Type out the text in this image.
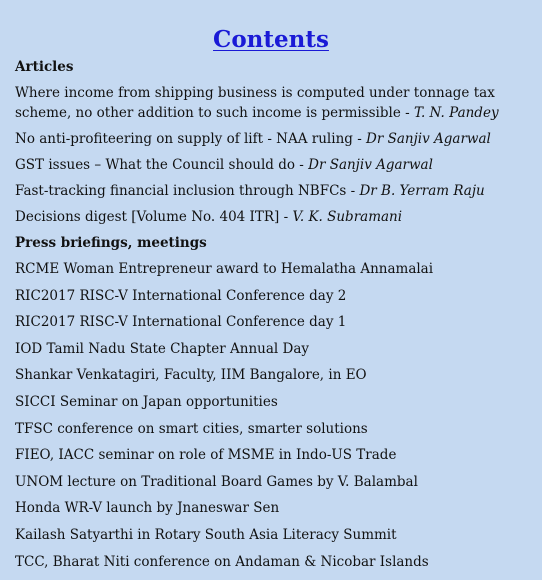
Contents
Articles
Where income from shipping business is computed under tonnage tax scheme, no other addition to such income is permissible - T. N. Pandey
No anti-profiteering on supply of lift - NAA ruling - Dr Sanjiv Agarwal
GST issues – What the Council should do - Dr Sanjiv Agarwal
Fast-tracking financial inclusion through NBFCs - Dr B. Yerram Raju
Decisions digest [Volume No. 404 ITR] - V. K. Subramani
Press briefings, meetings
RCME Woman Entrepreneur award to Hemalatha Annamalai
RIC2017 RISC-V International Conference day 2
RIC2017 RISC-V International Conference day 1
IOD Tamil Nadu State Chapter Annual Day
Shankar Venkatagiri, Faculty, IIM Bangalore, in EO
SICCI Seminar on Japan opportunities
TFSC conference on smart cities, smarter solutions
FIEO, IACC seminar on role of MSME in Indo-US Trade
UNOM lecture on Traditional Board Games by V. Balambal
Honda WR-V launch by Jnaneswar Sen
Kailash Satyarthi in Rotary South Asia Literacy Summit
TCC, Bharat Niti conference on Andaman & Nicobar Islands
